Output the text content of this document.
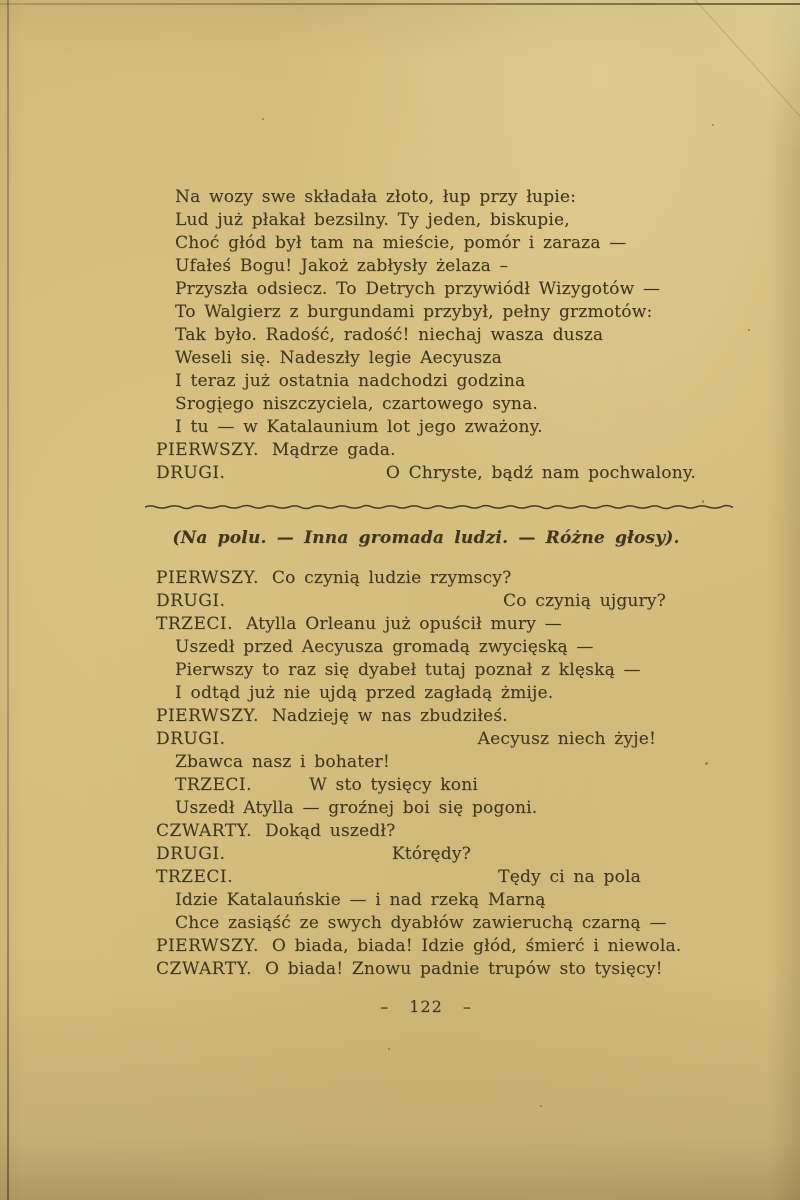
Na wozy swe składała złoto, łup przy łupie:
Lud już płakał bezsilny. Ty jeden, biskupie,
Choć głód był tam na mieście, pomór i zaraza —
Ufałeś Bogu! Jakoż zabłysły żelaza –
Przyszła odsiecz. To Detrych przywiódł Wizygotów —
To Walgierz z burgundami przybył, pełny grzmotów:
Tak było. Radość, radość! niechaj wasza dusza
Weseli się. Nadeszły legie Aecyusza
I teraz już ostatnia nadchodzi godzina
Srogįego niszczyciela, czartowego syna.
I tu — w Katalaunium lot jego zważony.
PIERWSZY. Mądrze gada.
DRUGI.	O Chryste, bądź nam pochwalony.
(Na polu. — Inna gromada ludzi. — Różne głosy).
PIERWSZY. Co czynią ludzie rzymscy?
DRUGI.	Co czynią ujgury?
TRZECI. Atylla Orleanu już opuścił mury —
Uszedł przed Aecyusza gromadą zwycięską —
Pierwszy to raz się dyabeł tutaj poznał z klęską —
I odtąd już nie ujdą przed zagładą żmije.
PIERWSZY. Nadzieję w nas zbudziłeś.
DRUGI.	Aecyusz niech żyje!
Zbawca nasz i bohater!
TRZECI.	W sto tysięcy koni
Uszedł Atylla — groźnej boi się pogoni.
CZWARTY. Dokąd uszedł?
DRUGI.	Którędy?
TRZECI.	Tędy ci na pola
Idzie Katalauńskie — i nad rzeką Marną
Chce zasiąść ze swych dyabłów zawieruchą czarną —
PIERWSZY. O biada, biada! Idzie głód, śmierć i niewola.
CZWARTY. O biada! Znowu padnie trupów sto tysięcy!
– 122 –
